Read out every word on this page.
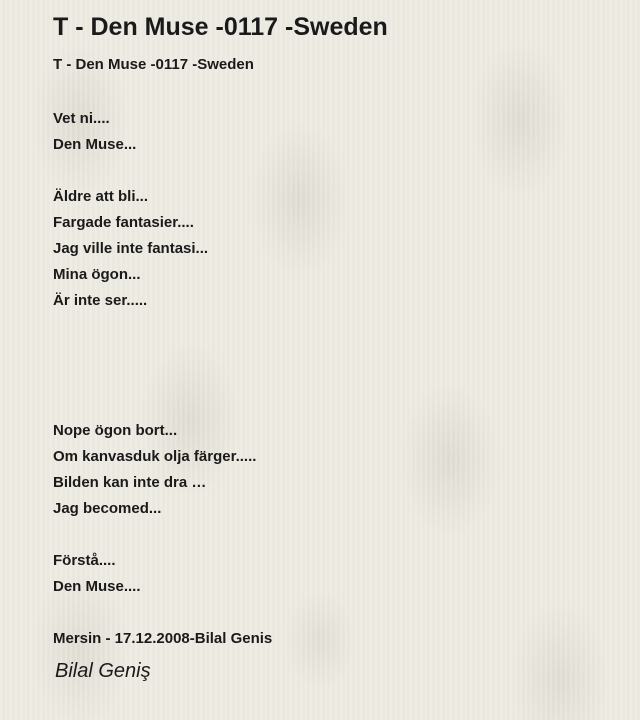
T - Den Muse -0117 -Sweden
T - Den Muse -0117 -Sweden
Vet ni....
Den Muse...
Äldre att bli...
Fargade fantasier....
Jag ville inte fantasi...
Mina ögon...
Är inte ser.....
Nope ögon bort...
Om kanvasduk olja färger.....
Bilden kan inte dra …
Jag becomed...
Förstå....
Den Muse....
Mersin - 17.12.2008-Bilal Genis
Bilal Geniş
